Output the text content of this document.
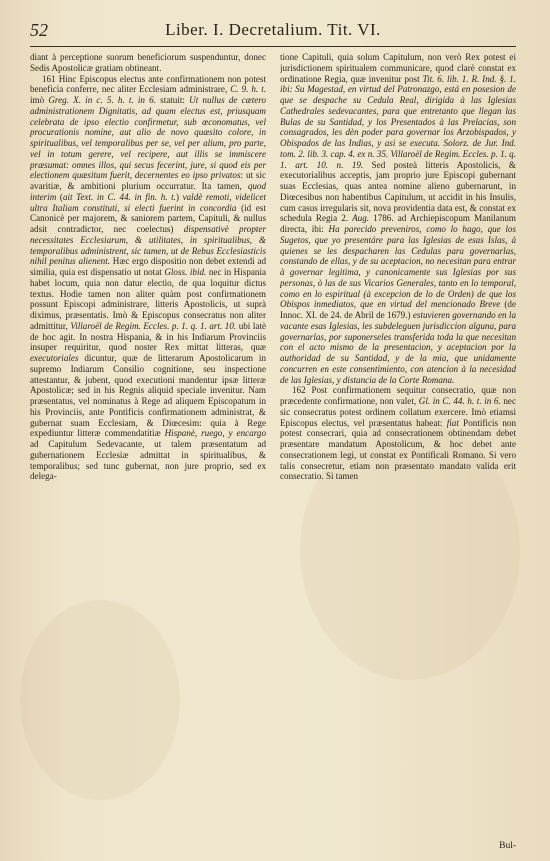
52	Liber. I. Decretalium. Tit. VI.

diant à perceptione suorum beneficiorum suspenduntur, donec Sedis Apostolicæ gratiam obtineant.

161 Hinc Episcopus electus ante confirmationem non potest beneficia conferre, nec aliter Ecclesiam administrare, C. 9. h. t. imò Greg. X. in c. 5. h. t. in 6. statuit: Ut nullus de cætero administrationem Dignitatis, ad quam electus est, priusquam celebrata de ipso electio confirmetur, sub œconomatus, vel procurationis nomine, aut alio de novo quæsito colore, in spiritualibus, vel temporalibus per se, vel per alium, pro parte, vel in totum gerere, vel recipere, aut illis se immiscere præsumat: omnes illos, qui secus fecerint, jure, si quod eis per electionem quæsitum fuerit, decernentes eo ipso privatos: ut sic avaritiæ, & ambitioni plurium occurratur. Ita tamen, quod interim (ait Text. in C. 44. in fin. h. t.) valdè remoti, videlicet ultra Italiam constituti, si electi fuerint in concordia (id est Canonicè per majorem, & saniorem partem, Capituli, & nullus adsit contradictor, nec coelectus) dispensativè propter necessitates Ecclesiarum, & utilitates, in spiritualibus, & temporalibus administrent, sic tamen, ut de Rebus Ecclesiasticis nihil penitus alienent. Hæc ergo dispositio non debet extendi ad similia, quia est dispensatio ut notat Gloss. ibid. nec in Hispania habet locum, quia non datur electio, de qua loquitur dictus textus. Hodie tamen non aliter quàm post confirmationem possunt Episcopi administrare, litteris Apostolicis, ut suprà diximus, præsentatis. Imò & Episcopus consecratus non aliter admittitur, Villaroël de Regim. Eccles. p. 1. q. 1. art. 10. ubi latè de hoc agit. In nostra Hispania, & in his Indiarum Provinciis insuper requiritur, quod noster Rex mittat litteras, quæ executoriales dicuntur, quæ de litterarum Apostolicarum in supremo Indiarum Consilio cognitione, seu inspectione attestantur, & jubent, quod executioni mandentur ipsæ litteræ Apostolicæ; sed in his Regnis aliquid speciale invenitur. Nam præsentatus, vel nominatus à Rege ad aliquem Episcopatum in his Provinciis, ante Pontificis confirmationem administrat, & gubernat suam Ecclesiam, & Diœcesim: quia à Rege expediuntur litteræ commendatitiæ Hispanè, ruego, y encargo ad Capitulum Sedevacante, ut talem præsentatum ad gubernationem Ecclesiæ admittat in spiritualibus, & temporalibus; sed tunc gubernat, non jure proprio, sed ex delega-

tione Capituli, quia solum Capitulum, non verò Rex potest ei jurisdictionem spiritualem communicare, quod clarè constat ex ordinatione Regia, quæ invenitur post Tit. 6. lib. 1. R. Ind. §. 1. ibi: Su Magestad, en virtud del Patronazgo, está en posesion de que se despache su Cedula Real, dirigida à las Iglesias Cathedrales sedevacantes, para que entretanto que llegan las Bulas de su Santidad, y los Presentados à las Prelacias, son consagrados, les dèn poder para governar los Arzobispados, y Obispados de las Indias, y asi se executa. Solorz. de Jur. Ind. tom. 2. lib. 3. cap. 4. ex n. 35. Villaroël de Regim. Eccles. p. 1. q. 1. art. 10. n. 19. Sed posteà litteris Apostolicis, & executorialibus acceptis, jam proprio jure Episcopi gubernant suas Ecclesias, quas antea nomine alieno gubernarunt, in Diœcesibus non habentibus Capitulum, ut accidit in his Insulis, cum casus irregularis sit, nova providentia data est, & constat ex schedula Regia 2. Aug. 1786. ad Archiepiscopum Manilanum directa, ibi: Ha parecido preveniros, como lo hago, que los Sugetos, que yo presentáre para las Iglesias de esas Islas, à quienes se les despacharen las Cedulas para governarlas, constando de ellas, y de su aceptacion, no necesitan para entrar à governar legitima, y canonicamente sus Iglesias por sus personas, ò las de sus Vicarios Generales, tanto en lo temporal, como en lo espiritual (à excepcion de lo de Orden) de que los Obispos inmediatos, que en virtud del mencionado Breve (de Innoc. XI. de 24. de Abril de 1679.) estuvieren governando en la vacante esas Iglesias, les subdeleguen jurisdiccion alguna, para governarlas, por suponerseles transferida toda la que necesitan con el acto mismo de la presentacion, y aceptacion por la authoridad de su Santidad, y de la mia, que unidamente concurren en este consentimiento, con atencion à la necesidad de las Iglesias, y distancia de la Corte Romana.

162 Post confirmationem sequitur consecratio, quæ non præcedente confirmatione, non valet, Gl. in C. 44. h. t. in 6. nec sic consecratus potest ordinem collatum exercere. Imò etiamsi Episcopus electus, vel præsentatus habeat: fiat Pontificis non potest consecrari, quia ad consecrationem obtinendam debet præsentare mandatum Apostolicum, & hoc debet ante consecrationem legi, ut constat ex Pontificali Romano. Si vero talis consecretur, etiam non præsentato mandato valida erit consecratio. Si tamen

Bul-
